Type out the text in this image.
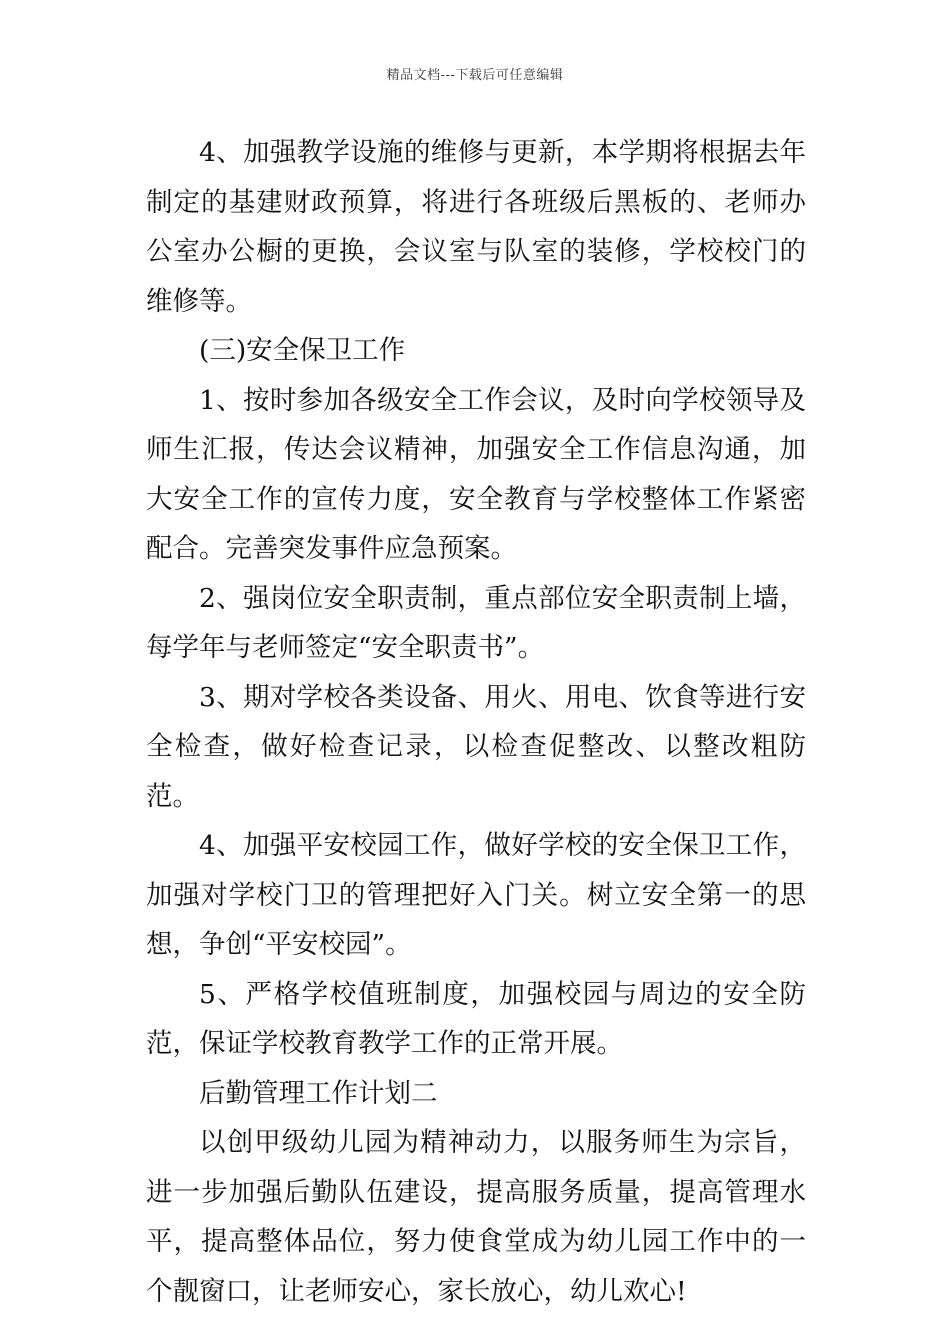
精品文档---下载后可任意编辑

4、加强教学设施的维修与更新，本学期将根据去年制定的基建财政预算，将进行各班级后黑板的、老师办公室办公橱的更换，会议室与队室的装修，学校校门的维修等。

(三)安全保卫工作

1、按时参加各级安全工作会议，及时向学校领导及师生汇报，传达会议精神，加强安全工作信息沟通，加大安全工作的宣传力度，安全教育与学校整体工作紧密配合。完善突发事件应急预案。

2、强岗位安全职责制，重点部位安全职责制上墙，每学年与老师签定“安全职责书”。

3、期对学校各类设备、用火、用电、饮食等进行安全检查，做好检查记录，以检查促整改、以整改粗防范。

4、加强平安校园工作，做好学校的安全保卫工作，加强对学校门卫的管理把好入门关。树立安全第一的思想，争创“平安校园”。

5、严格学校值班制度，加强校园与周边的安全防范，保证学校教育教学工作的正常开展。

后勤管理工作计划二

以创甲级幼儿园为精神动力，以服务师生为宗旨，进一步加强后勤队伍建设，提高服务质量，提高管理水平，提高整体品位，努力使食堂成为幼儿园工作中的一个靓窗口，让老师安心，家长放心，幼儿欢心!
